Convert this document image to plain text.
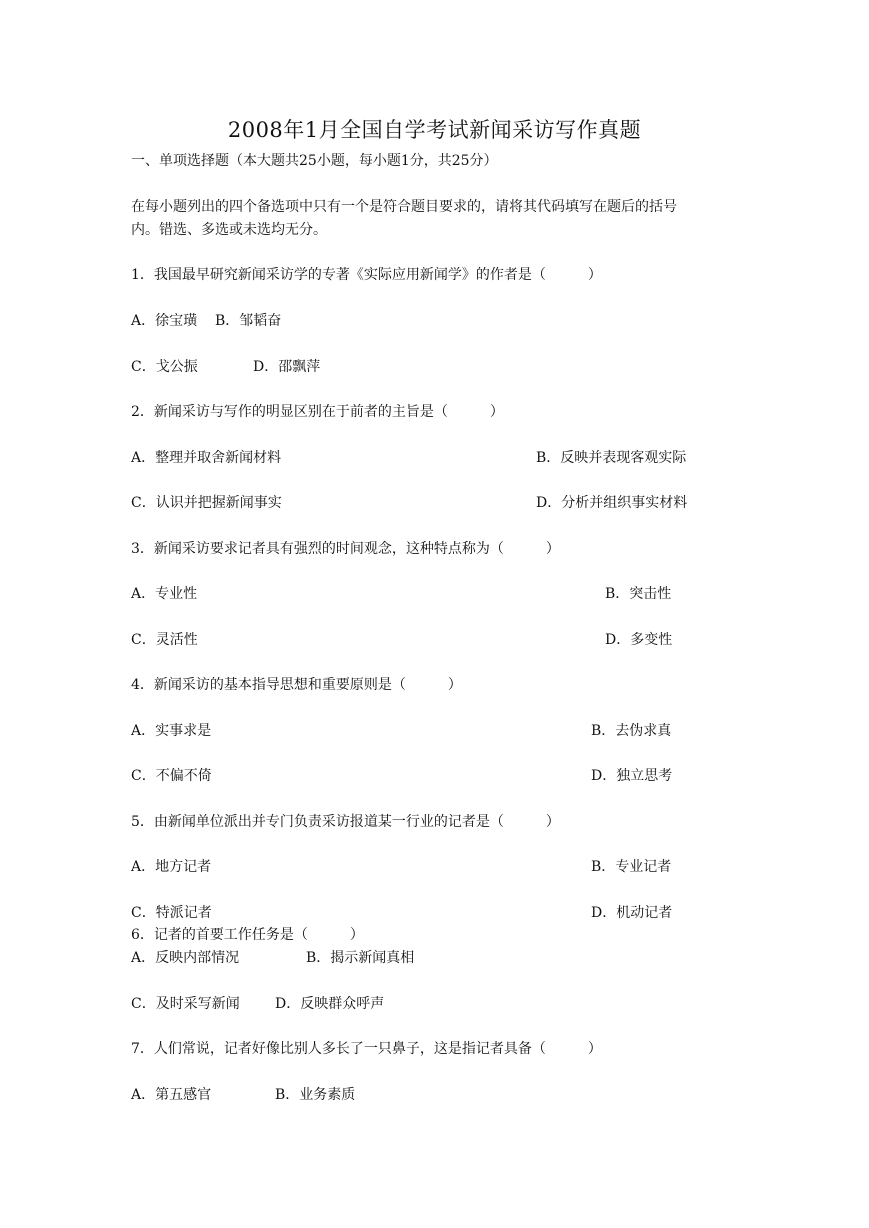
2008年1月全国自学考试新闻采访写作真题
一、单项选择题（本大题共25小题，每小题1分，共25分）
在每小题列出的四个备选项中只有一个是符合题目要求的，请将其代码填写在题后的括号
内。错选、多选或未选均无分。
1．我国最早研究新闻采访学的专著《实际应用新闻学》的作者是（　　　）
A．徐宝璜 B．邹韬奋
C．戈公振	D．邵飘萍
2．新闻采访与写作的明显区别在于前者的主旨是（　　　）
A．整理并取舍新闻材料	B．反映并表现客观实际
C．认识并把握新闻事实	D．分析并组织事实材料
3．新闻采访要求记者具有强烈的时间观念，这种特点称为（　　　）
A．专业性	B．突击性
C．灵活性	D．多变性
4．新闻采访的基本指导思想和重要原则是（　　　）
A．实事求是	B．去伪求真
C．不偏不倚	D．独立思考
5．由新闻单位派出并专门负责采访报道某一行业的记者是（　　　）
A．地方记者	B．专业记者
C．特派记者	D．机动记者
6．记者的首要工作任务是（　　　）
A．反映内部情况	B．揭示新闻真相
C．及时采写新闻	D．反映群众呼声
7．人们常说，记者好像比别人多长了一只鼻子，这是指记者具备（　　　）
A．第五感官	B．业务素质
